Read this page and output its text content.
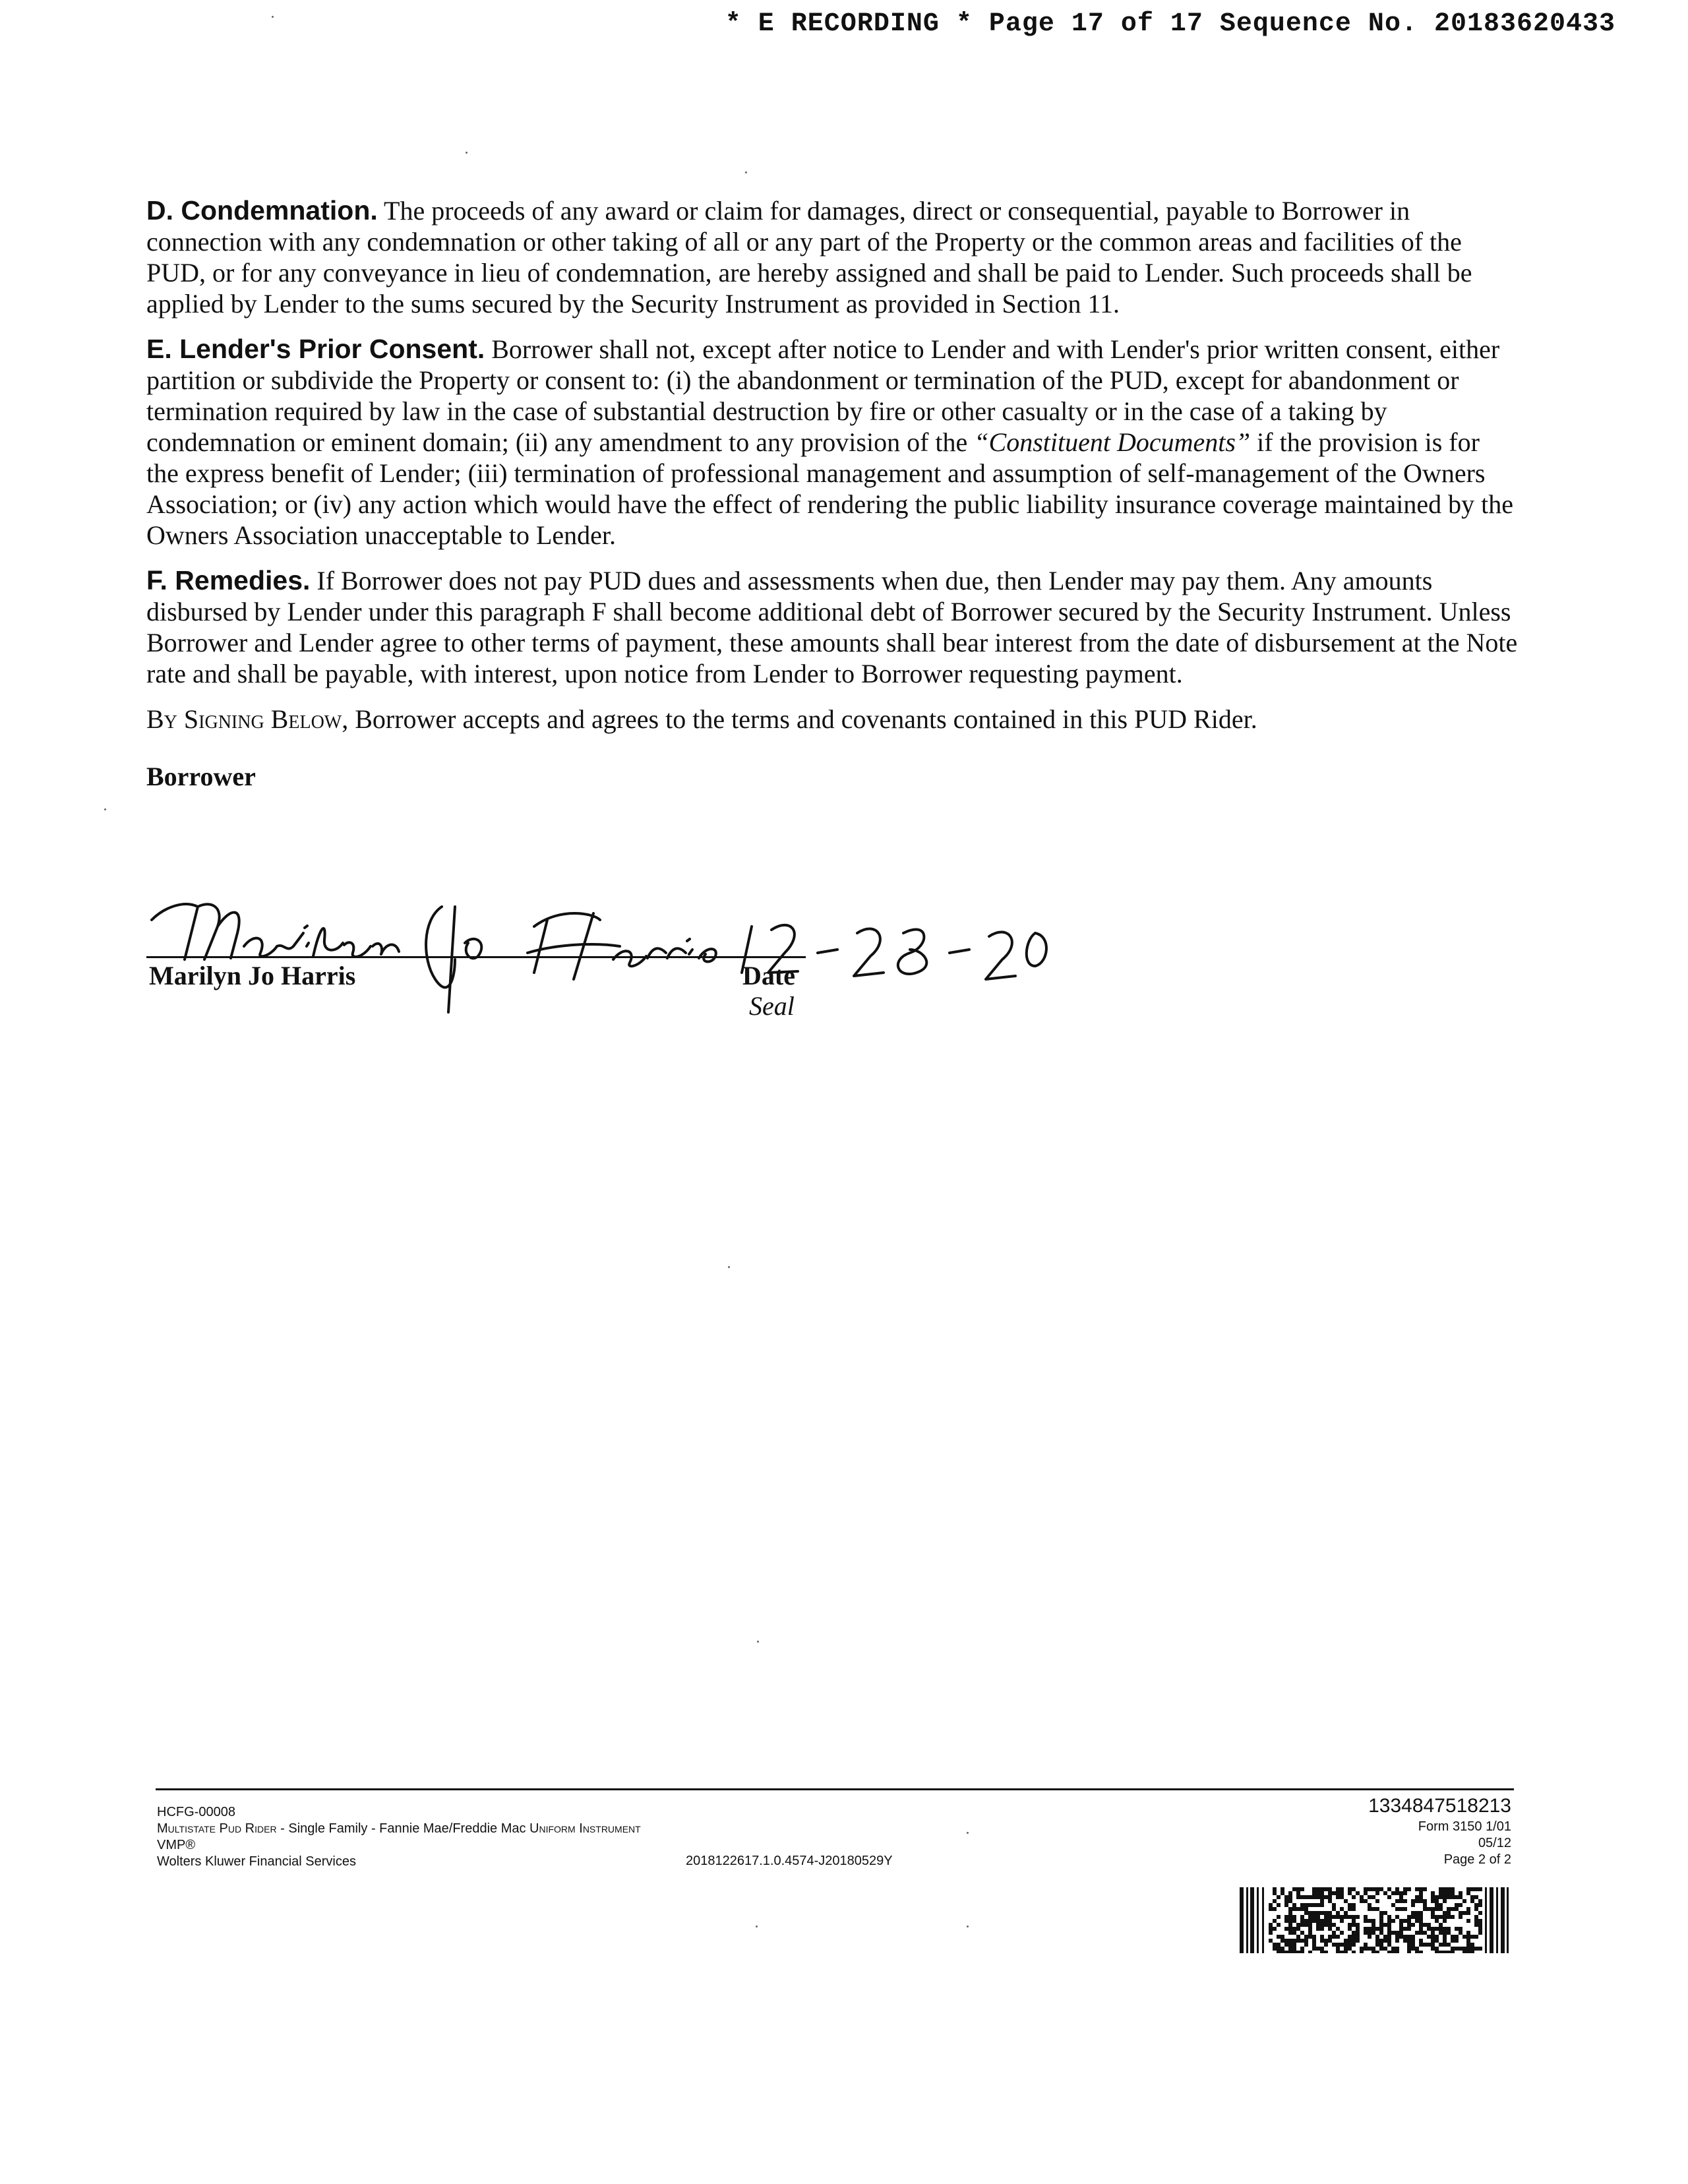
* E RECORDING * Page 17 of 17 Sequence No. 20183620433

D. Condemnation. The proceeds of any award or claim for damages, direct or consequential, payable to Borrower in connection with any condemnation or other taking of all or any part of the Property or the common areas and facilities of the PUD, or for any conveyance in lieu of condemnation, are hereby assigned and shall be paid to Lender. Such proceeds shall be applied by Lender to the sums secured by the Security Instrument as provided in Section 11.

E. Lender's Prior Consent. Borrower shall not, except after notice to Lender and with Lender's prior written consent, either partition or subdivide the Property or consent to: (i) the abandonment or termination of the PUD, except for abandonment or termination required by law in the case of substantial destruction by fire or other casualty or in the case of a taking by condemnation or eminent domain; (ii) any amendment to any provision of the “Constituent Documents” if the provision is for the express benefit of Lender; (iii) termination of professional management and assumption of self-management of the Owners Association; or (iv) any action which would have the effect of rendering the public liability insurance coverage maintained by the Owners Association unacceptable to Lender.

F. Remedies. If Borrower does not pay PUD dues and assessments when due, then Lender may pay them. Any amounts disbursed by Lender under this paragraph F shall become additional debt of Borrower secured by the Security Instrument. Unless Borrower and Lender agree to other terms of payment, these amounts shall bear interest from the date of disbursement at the Note rate and shall be payable, with interest, upon notice from Lender to Borrower requesting payment.

By Signing Below, Borrower accepts and agrees to the terms and covenants contained in this PUD Rider.

Borrower
Marilyn Jo Harris	Date
Seal
HCFG-00008
Multistate Pud Rider - Single Family - Fannie Mae/Freddie Mac Uniform Instrument
VMP®
Wolters Kluwer Financial Services	2018122617.1.0.4574-J20180529Y
1334847518213
Form 3150 1/01
05/12
Page 2 of 2
